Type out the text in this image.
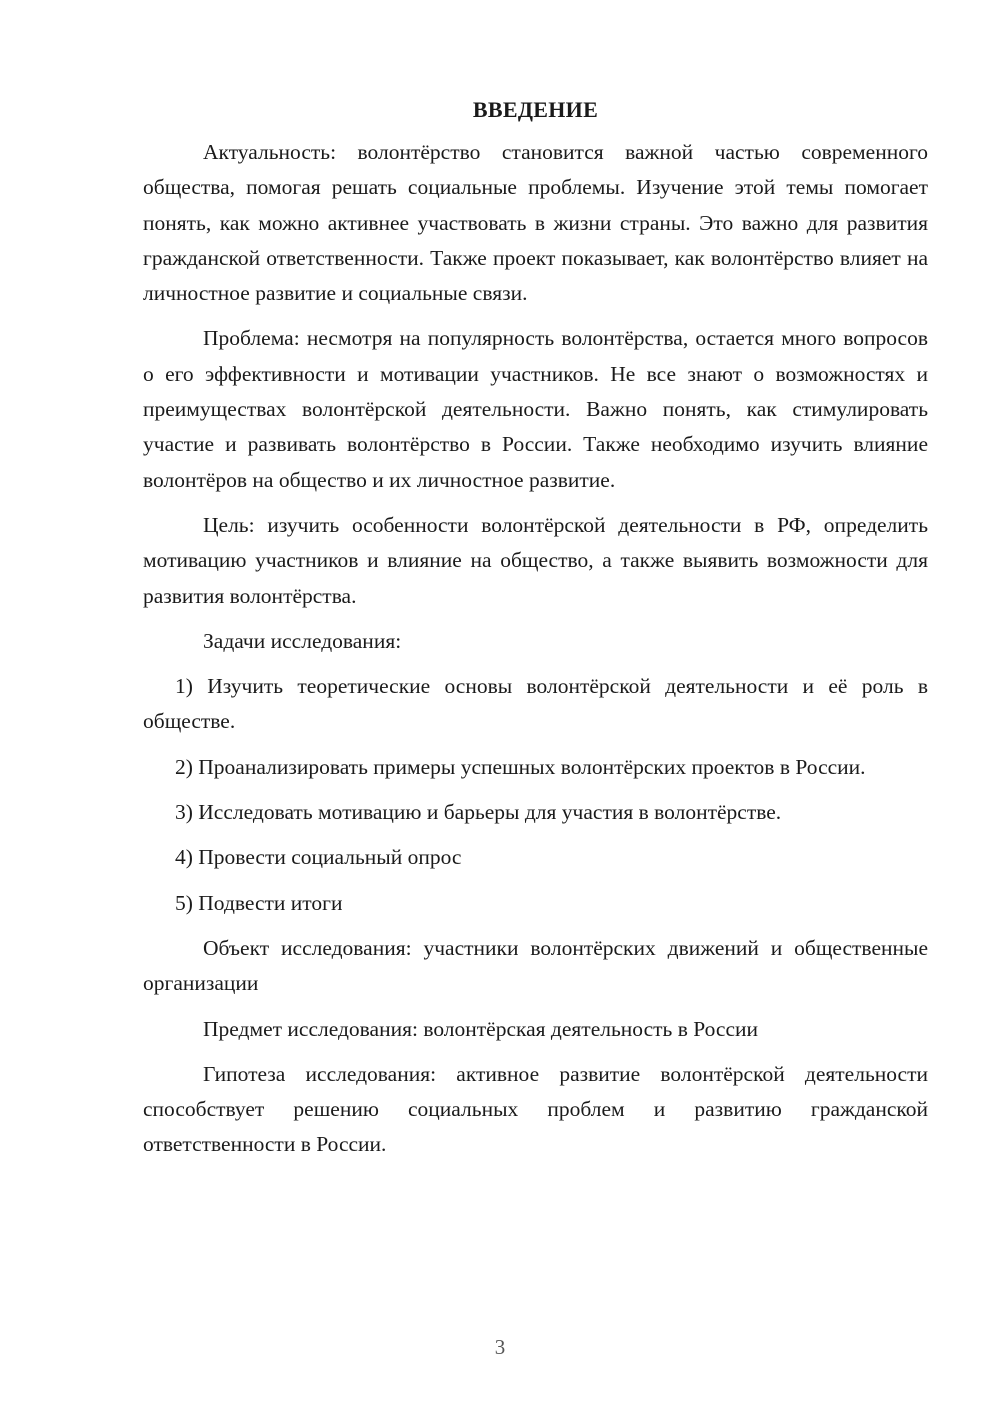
ВВЕДЕНИЕ

Актуальность: волонтёрство становится важной частью современного общества, помогая решать социальные проблемы. Изучение этой темы помогает понять, как можно активнее участвовать в жизни страны. Это важно для развития гражданской ответственности. Также проект показывает, как волонтёрство влияет на личностное развитие и социальные связи.

Проблема: несмотря на популярность волонтёрства, остается много вопросов о его эффективности и мотивации участников. Не все знают о возможностях и преимуществах волонтёрской деятельности. Важно понять, как стимулировать участие и развивать волонтёрство в России. Также необходимо изучить влияние волонтёров на общество и их личностное развитие.

Цель: изучить особенности волонтёрской деятельности в РФ, определить мотивацию участников и влияние на общество, а также выявить возможности для развития волонтёрства.

Задачи исследования:

1) Изучить теоретические основы волонтёрской деятельности и её роль в обществе.

2) Проанализировать примеры успешных волонтёрских проектов в России.

3) Исследовать мотивацию и барьеры для участия в волонтёрстве.

4) Провести социальный опрос

5) Подвести итоги

Объект исследования: участники волонтёрских движений и общественные организации

Предмет исследования: волонтёрская деятельность в России

Гипотеза исследования: активное развитие волонтёрской деятельности способствует решению социальных проблем и развитию гражданской ответственности в России.

3
